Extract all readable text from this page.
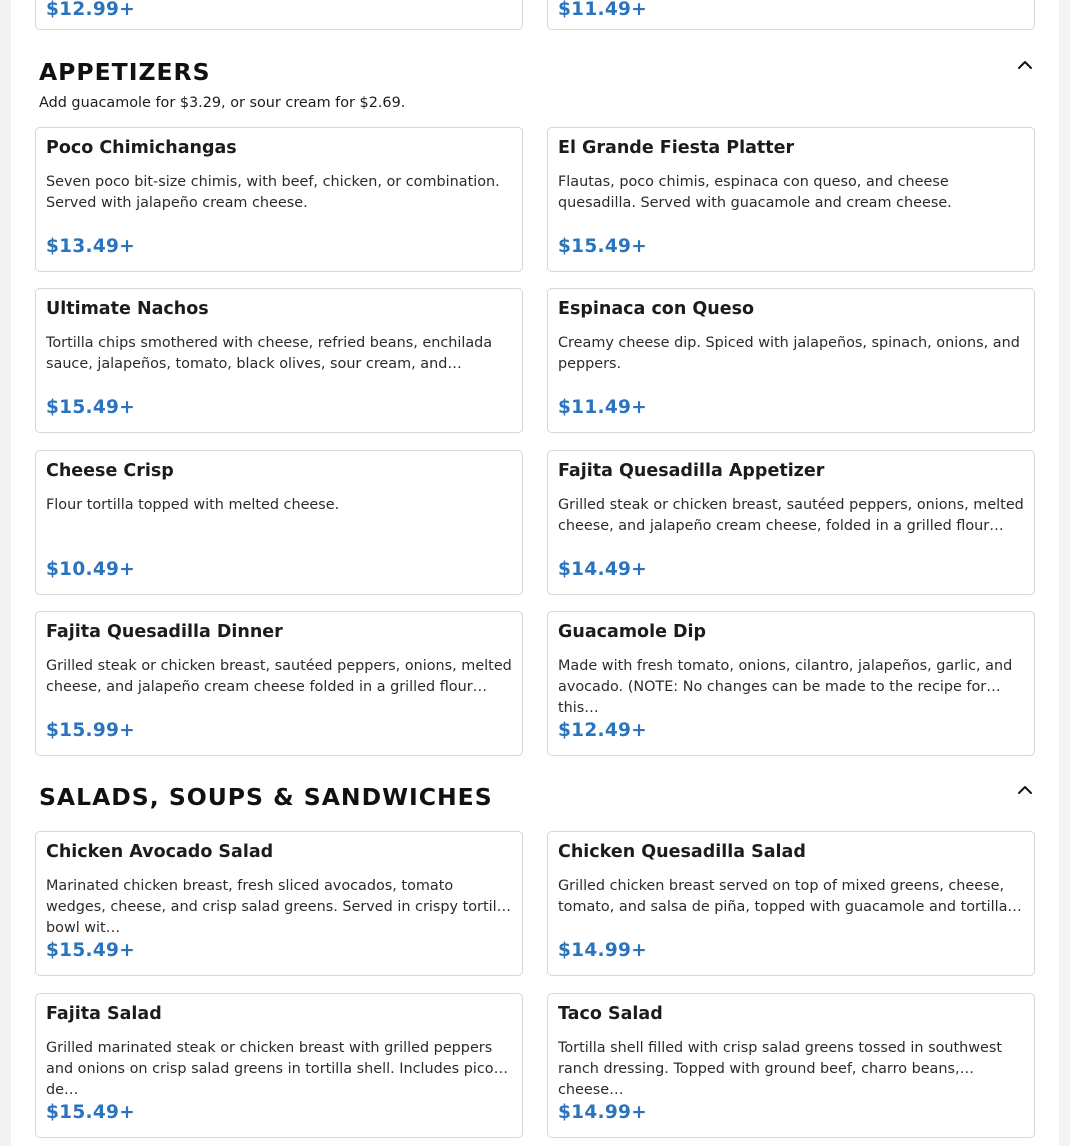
$12.99+	$11.49+
APPETIZERS

Add guacamole for $3.29, or sour cream for $2.69.

Poco Chimichangas

Seven poco bit-size chimis, with beef, chicken, or combination. Served with jalapeño cream cheese.

$13.49+
El Grande Fiesta Platter

Flautas, poco chimis, espinaca con queso, and cheese quesadilla. Served with guacamole and cream cheese.

$15.49+
Ultimate Nachos

Tortilla chips smothered with cheese, refried beans, enchilada sauce, jalapeños, tomato, black olives, sour cream, and…

$15.49+
Espinaca con Queso

Creamy cheese dip. Spiced with jalapeños, spinach, onions, and peppers.

$11.49+
Cheese Crisp

Flour tortilla topped with melted cheese.

$10.49+
Fajita Quesadilla Appetizer

Grilled steak or chicken breast, sautéed peppers, onions, melted cheese, and jalapeño cream cheese, folded in a grilled flour…

$14.49+
Fajita Quesadilla Dinner

Grilled steak or chicken breast, sautéed peppers, onions, melted cheese, and jalapeño cream cheese folded in a grilled flour…

$15.99+
Guacamole Dip

Made with fresh tomato, onions, cilantro, jalapeños, garlic, and avocado. (NOTE: No changes can be made to the recipe for this…

$12.49+
SALADS, SOUPS & SANDWICHES
Chicken Avocado Salad

Marinated chicken breast, fresh sliced avocados, tomato wedges, cheese, and crisp salad greens. Served in crispy tortilla bowl wit…

$15.49+
Chicken Quesadilla Salad

Grilled chicken breast served on top of mixed greens, cheese, tomato, and salsa de piña, topped with guacamole and tortilla…

$14.99+
Fajita Salad

Grilled marinated steak or chicken breast with grilled peppers and onions on crisp salad greens in tortilla shell. Includes pico de…

$15.49+
Taco Salad

Tortilla shell filled with crisp salad greens tossed in southwest ranch dressing. Topped with ground beef, charro beans, cheese…

$14.99+
